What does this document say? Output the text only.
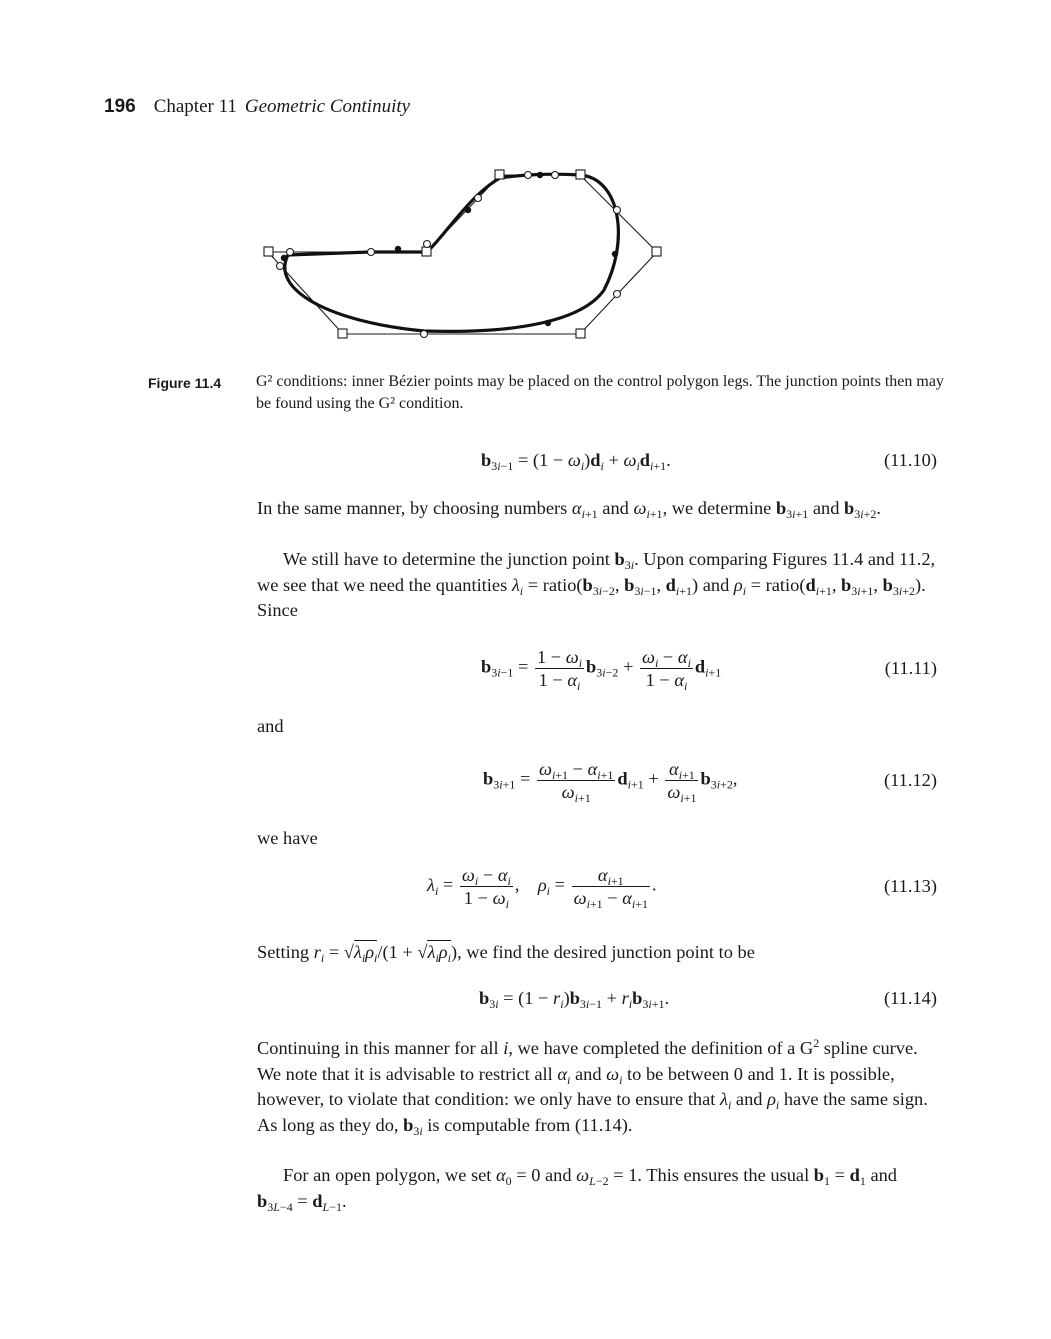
196 Chapter 11 Geometric Continuity
Figure 11.4 G² conditions: inner Bézier points may be placed on the control polygon legs. The junction points then may be found using the G² condition.
$b_{3i-1} = (1 - \omega_i)d_i + \omega_id_{i+1}$.	(11.10)
In the same manner, by choosing numbers $\alpha_{i+1}$ and $\omega_{i+1}$, we determine $b_{3i+1}$ and $b_{3i+2}$.
We still have to determine the junction point $b_{3i}$. Upon comparing Figures 11.4 and 11.2, we see that we need the quantities $\lambda_i$ = $ratio(b_{3i-2}$, $b_{3i-1}$, $d_{i+1}$) and $\rho_i$ = $ratio(d_{i+1}$, $b_{3i+1}$, $b_{3i+2}$). Since
$b_{3i-1} = \frac{1 - \omega_i}{1 - \alpha_i} b_{3i-2} + \frac{\omega_i - \alpha_i}{1 - \alpha_i} d_{i+1}$	(11.11)
and
$b_{3i+1} = \frac{\omega_{i+1} - \alpha_{i+1}}{\omega_{i+1}} d_{i+1} + \frac{\alpha_{i+1}}{\omega_{i+1}} b_{3i+2}$,	(11.12)
we have
$\lambda_i = \frac{\omega_i - \alpha_i}{1 - \omega_i}$ ,    $\rho_i = \frac{\alpha_{i+1}}{\omega_{i+1} - \alpha_{i+1}}$ .	(11.13)
Setting $r_i = √\lambda_i\rho_i/(1 + √\lambda_i\rho_i)$, we find the desired junction point to be
$b_{3i} = (1 - r_i)b_{3i-1} + r_ib_{3i+1}$.	(11.14)
Continuing in this manner for all i, we have completed the definition of a $G^2$ spline curve. We note that it is advisable to restrict all $\alpha_i$ and $\omega_i$ to be between 0 and 1. It is possible, however, to violate that condition: we only have to ensure that $\lambda_i$ and $\rho_i$ have the same sign. As long as they do, $b_{3i}$ is computable from (11.14).
For an open polygon, we set $\alpha_0 = 0$ and $\omega_{L-2} = 1$. This ensures the usual $b_1 = d_1$ and $b_{3L-4} = d_{L-1}$.
